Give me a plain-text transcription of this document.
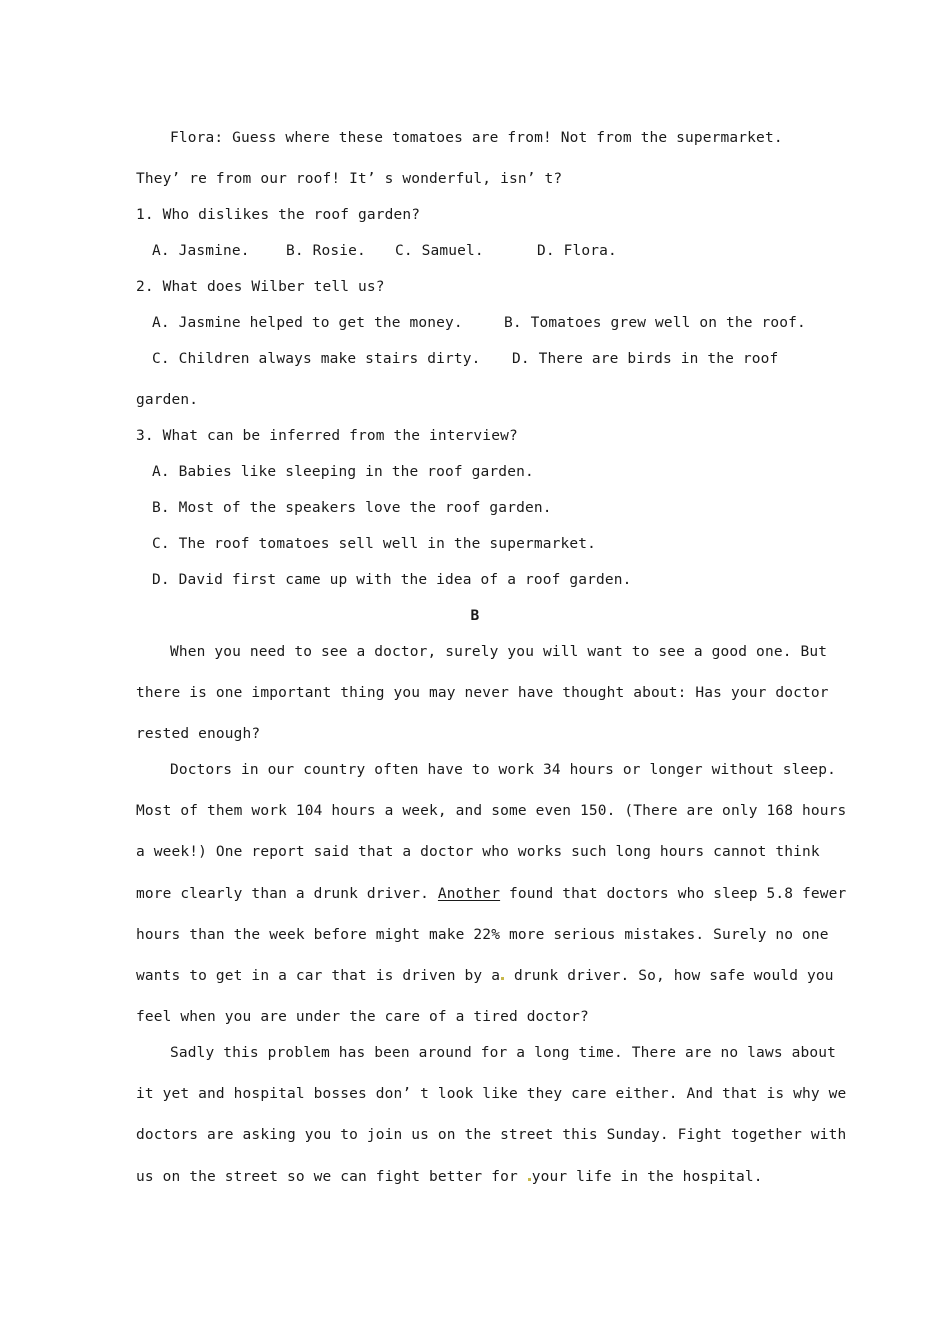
Flora: Guess where these tomatoes are from! Not from the supermarket.
They’ re from our roof! It’ s wonderful, isn’ t?
1. Who dislikes the roof garden?
A. Jasmine.	B. Rosie. C. Samuel.	D. Flora.
2. What does Wilber tell us?
A. Jasmine helped to get the money.	B. Tomatoes grew well on the roof.
C. Children always make stairs dirty. D. There are birds in the roof
garden.
3. What can be inferred from the interview?
A. Babies like sleeping in the roof garden.
B. Most of the speakers love the roof garden.
C. The roof tomatoes sell well in the supermarket.
D. David first came up with the idea of a roof garden.
B
When you need to see a doctor, surely you will want to see a good one. But
there is one important thing you may never have thought about: Has your doctor
rested enough?
Doctors in our country often have to work 34 hours or longer without sleep.
Most of them work 104 hours a week, and some even 150. (There are only 168 hours
a week!) One report said that a doctor who works such long hours cannot think
more clearly than a drunk driver. Another found that doctors who sleep 5.8 fewer
hours than the week before might make 22% more serious mistakes. Surely no one
wants to get in a car that is driven by a drunk driver. So, how safe would you
feel when you are under the care of a tired doctor?
Sadly this problem has been around for a long time. There are no laws about
it yet and hospital bosses don’ t look like they care either. And that is why we
doctors are asking you to join us on the street this Sunday. Fight together with
us on the street so we can fight better for your life in the hospital.
